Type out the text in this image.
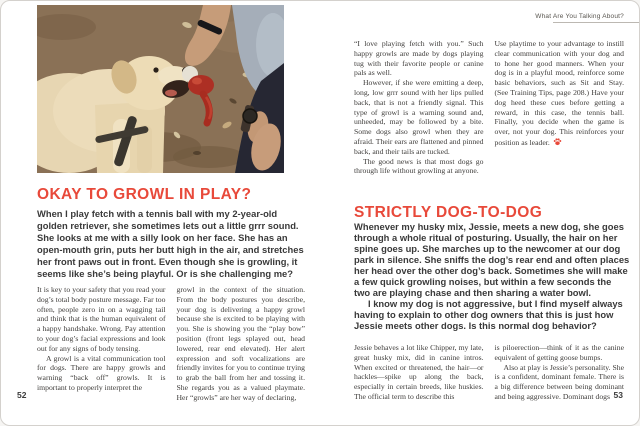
What Are You Talking About?

“I love playing fetch with you.” Such happy growls are made by dogs playing tug with their favorite people or canine pals as well.

However, if she were emitting a deep, long, low grrr sound with her lips pulled back, that is not a friendly signal. This type of growl is a warning sound and, unheeded, may be followed by a bite. Some dogs also growl when they are afraid. Their ears are flattened and pinned back, and their tails are tucked.

The good news is that most dogs go through life without growling at anyone.

Use playtime to your advantage to instill clear communication with your dog and to hone her good manners. When your dog is in a playful mood, reinforce some basic behaviors, such as Sit and Stay. (See Training Tips, page 208.) Have your dog heed these cues before getting a reward, in this case, the tennis ball. Finally, you decide when the game is over, not your dog. This reinforces your position as leader.

OKAY TO GROWL IN PLAY?
When I play fetch with a tennis ball with my 2-year-old golden retriever, she sometimes lets out a little grrr sound. She looks at me with a silly look on her face. She has an open-mouth grin, puts her butt high in the air, and stretches her front paws out in front. Even though she is growling, it seems like she’s being playful. Or is she challenging me?

It is key to your safety that you read your dog’s total body posture message. Far too often, people zero in on a wagging tail and think that is the human equivalent of a happy handshake. Wrong. Pay attention to your dog’s facial expressions and look out for any signs of body tensing.

A growl is a vital communication tool for dogs. There are happy growls and warning “back off” growls. It is important to properly interpret the

growl in the context of the situation. From the body postures you describe, your dog is delivering a happy growl because she is excited to be playing with you. She is showing you the “play bow” position (front legs splayed out, head lowered, rear end elevated). Her alert expression and soft vocalizations are friendly invites for you to continue trying to grab the ball from her and tossing it. She regards you as a valued playmate. Her “growls” are her way of declaring,

STRICTLY DOG-TO-DOG

Whenever my husky mix, Jessie, meets a new dog, she goes through a whole ritual of posturing. Usually, the hair on her spine goes up. She marches up to the newcomer at our dog park in silence. She sniffs the dog’s rear end and often places her head over the other dog’s back. Sometimes she will make a few quick growling noises, but within a few seconds the two are playing chase and then sharing a water bowl.

I know my dog is not aggressive, but I find myself always having to explain to other dog owners that this is just how Jessie meets other dogs. Is this normal dog behavior?

Jessie behaves a lot like Chipper, my late, great husky mix, did in canine intros. When excited or threatened, the hair—or hackles—spike up along the back, especially in certain breeds, like huskies. The official term to describe this

is piloerection—think of it as the canine equivalent of getting goose bumps.

Also at play is Jessie’s personality. She is a confident, dominant female. There is a big difference between being dominant and being aggressive. Dominant dogs

52	53
